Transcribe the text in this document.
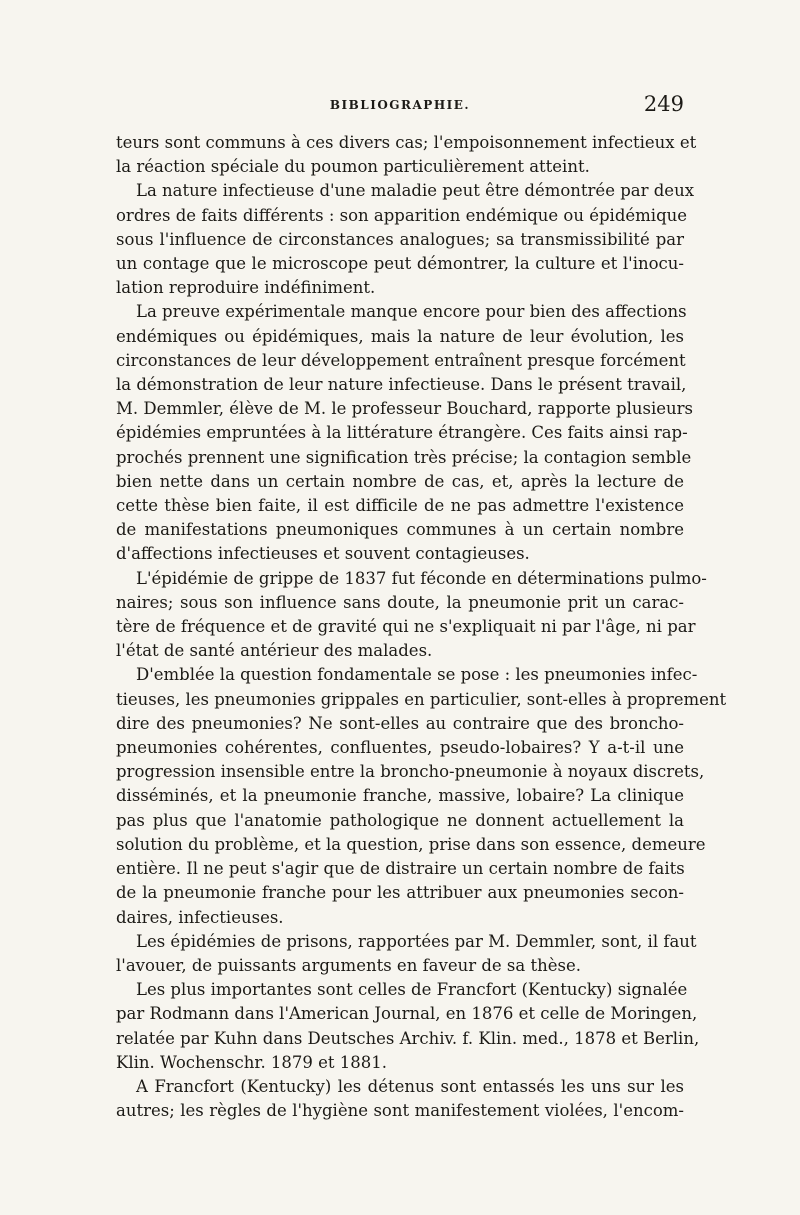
BIBLIOGRAPHIE.	249

teurs sont communs à ces divers cas; l'empoisonnement infectieux et
la réaction spéciale du poumon particulièrement atteint.

La nature infectieuse d'une maladie peut être démontrée par deux
ordres de faits différents : son apparition endémique ou épidémique
sous l'influence de circonstances analogues; sa transmissibilité par
un contage que le microscope peut démontrer, la culture et l'inocu-
lation reproduire indéfiniment.

La preuve expérimentale manque encore pour bien des affections
endémiques ou épidémiques, mais la nature de leur évolution, les
circonstances de leur développement entraînent presque forcément
la démonstration de leur nature infectieuse. Dans le présent travail,
M. Demmler, élève de M. le professeur Bouchard, rapporte plusieurs
épidémies empruntées à la littérature étrangère. Ces faits ainsi rap-
prochés prennent une signification très précise; la contagion semble
bien nette dans un certain nombre de cas, et, après la lecture de
cette thèse bien faite, il est difficile de ne pas admettre l'existence
de manifestations pneumoniques communes à un certain nombre
d'affections infectieuses et souvent contagieuses.

L'épidémie de grippe de 1837 fut féconde en déterminations pulmo-
naires; sous son influence sans doute, la pneumonie prit un carac-
tère de fréquence et de gravité qui ne s'expliquait ni par l'âge, ni par
l'état de santé antérieur des malades.

D'emblée la question fondamentale se pose : les pneumonies infec-
tieuses, les pneumonies grippales en particulier, sont-elles à proprement
dire des pneumonies? Ne sont-elles au contraire que des broncho-
pneumonies cohérentes, confluentes, pseudo-lobaires? Y a-t-il une
progression insensible entre la broncho-pneumonie à noyaux discrets,
disséminés, et la pneumonie franche, massive, lobaire? La clinique
pas plus que l'anatomie pathologique ne donnent actuellement la
solution du problème, et la question, prise dans son essence, demeure
entière. Il ne peut s'agir que de distraire un certain nombre de faits
de la pneumonie franche pour les attribuer aux pneumonies secon-
daires, infectieuses.

Les épidémies de prisons, rapportées par M. Demmler, sont, il faut
l'avouer, de puissants arguments en faveur de sa thèse.

Les plus importantes sont celles de Francfort (Kentucky) signalée
par Rodmann dans l'American Journal, en 1876 et celle de Moringen,
relatée par Kuhn dans Deutsches Archiv. f. Klin. med., 1878 et Berlin,
Klin. Wochenschr. 1879 et 1881.

A Francfort (Kentucky) les détenus sont entassés les uns sur les
autres; les règles de l'hygiène sont manifestement violées, l'encom-
